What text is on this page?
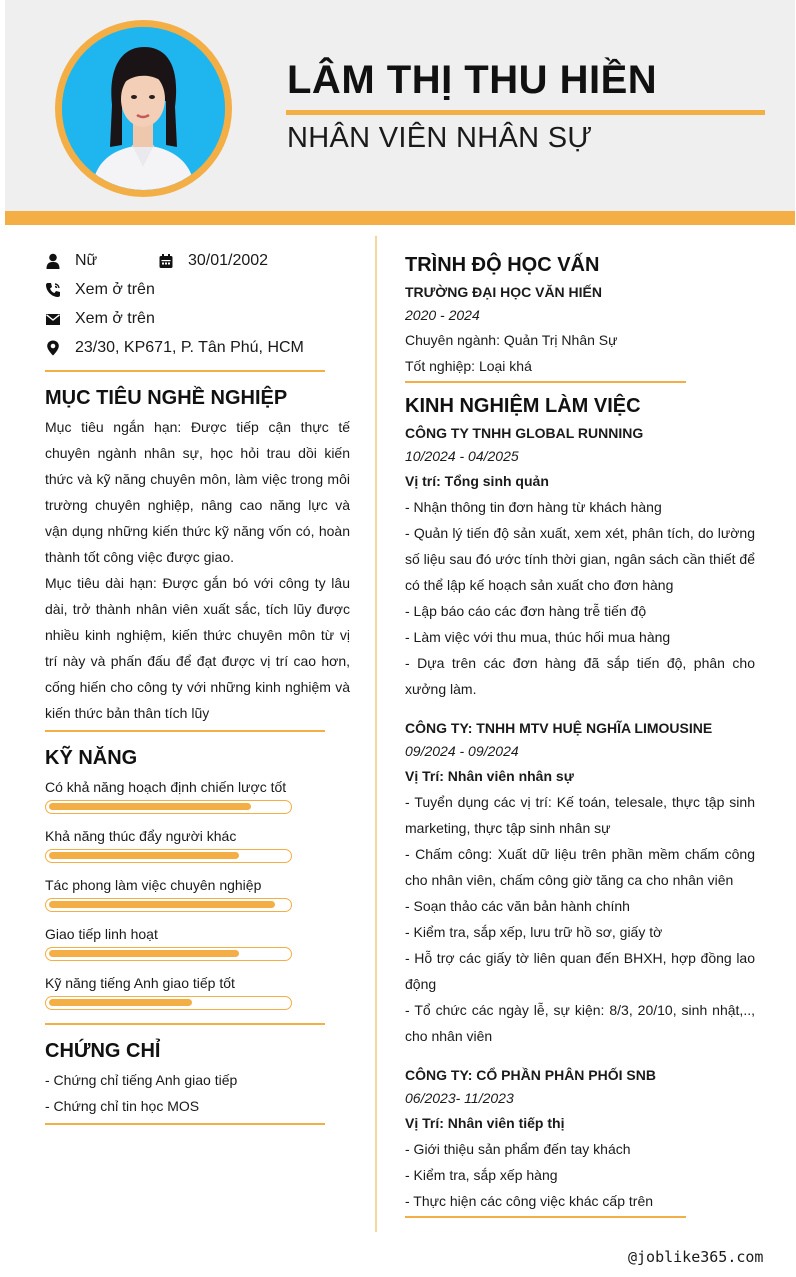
LÂM THỊ THU HIỀN
NHÂN VIÊN NHÂN SỰ
Nữ	30/01/2002
Xem ở trên
Xem ở trên
23/30, KP671, P. Tân Phú, HCM
MỤC TIÊU NGHỀ NGHIỆP
Mục tiêu ngắn hạn: Được tiếp cận thực tế chuyên ngành nhân sự, học hỏi trau dồi kiến thức và kỹ năng chuyên môn, làm việc trong môi trường chuyên nghiệp, nâng cao năng lực và vận dụng những kiến thức kỹ năng vốn có, hoàn thành tốt công việc được giao.
Mục tiêu dài hạn: Được gắn bó với công ty lâu dài, trở thành nhân viên xuất sắc, tích lũy được nhiều kinh nghiệm, kiến thức chuyên môn từ vị trí này và phấn đấu để đạt được vị trí cao hơn, cống hiến cho công ty với những kinh nghiệm và kiến thức bản thân tích lũy
KỸ NĂNG
Có khả năng hoạch định chiến lược tốt
Khả năng thúc đẩy người khác
Tác phong làm việc chuyên nghiệp
Giao tiếp linh hoạt
Kỹ năng tiếng Anh giao tiếp tốt
CHỨNG CHỈ
- Chứng chỉ tiếng Anh giao tiếp
- Chứng chỉ tin học MOS
TRÌNH ĐỘ HỌC VẤN
TRƯỜNG ĐẠI HỌC VĂN HIẾN
2020 - 2024
Chuyên ngành: Quản Trị Nhân Sự
Tốt nghiệp: Loại khá
KINH NGHIỆM LÀM VIỆC
CÔNG TY TNHH GLOBAL RUNNING
10/2024 - 04/2025
Vị trí: Tổng sinh quản
- Nhận thông tin đơn hàng từ khách hàng
- Quản lý tiến độ sản xuất, xem xét, phân tích, do lường số liệu sau đó ước tính thời gian, ngân sách cần thiết để có thể lập kế hoạch sản xuất cho đơn hàng
- Lập báo cáo các đơn hàng trễ tiến độ
- Làm việc với thu mua, thúc hối mua hàng
- Dựa trên các đơn hàng đã sắp tiến độ, phân cho xưởng làm.
CÔNG TY: TNHH MTV HUỆ NGHĨA LIMOUSINE
09/2024 - 09/2024
Vị Trí: Nhân viên nhân sự
- Tuyển dụng các vị trí: Kế toán, telesale, thực tập sinh marketing, thực tập sinh nhân sự
- Chấm công: Xuất dữ liệu trên phần mềm chấm công cho nhân viên, chấm công giờ tăng ca cho nhân viên
- Soạn thảo các văn bản hành chính
- Kiểm tra, sắp xếp, lưu trữ hồ sơ, giấy tờ
- Hỗ trợ các giấy tờ liên quan đến BHXH, hợp đồng lao động
- Tổ chức các ngày lễ, sự kiện: 8/3, 20/10, sinh nhật,.., cho nhân viên
CÔNG TY: CỔ PHẦN PHÂN PHỐI SNB
06/2023- 11/2023
Vị Trí: Nhân viên tiếp thị
- Giới thiệu sản phẩm đến tay khách
- Kiểm tra, sắp xếp hàng
- Thực hiện các công việc khác cấp trên
@joblike365.com
